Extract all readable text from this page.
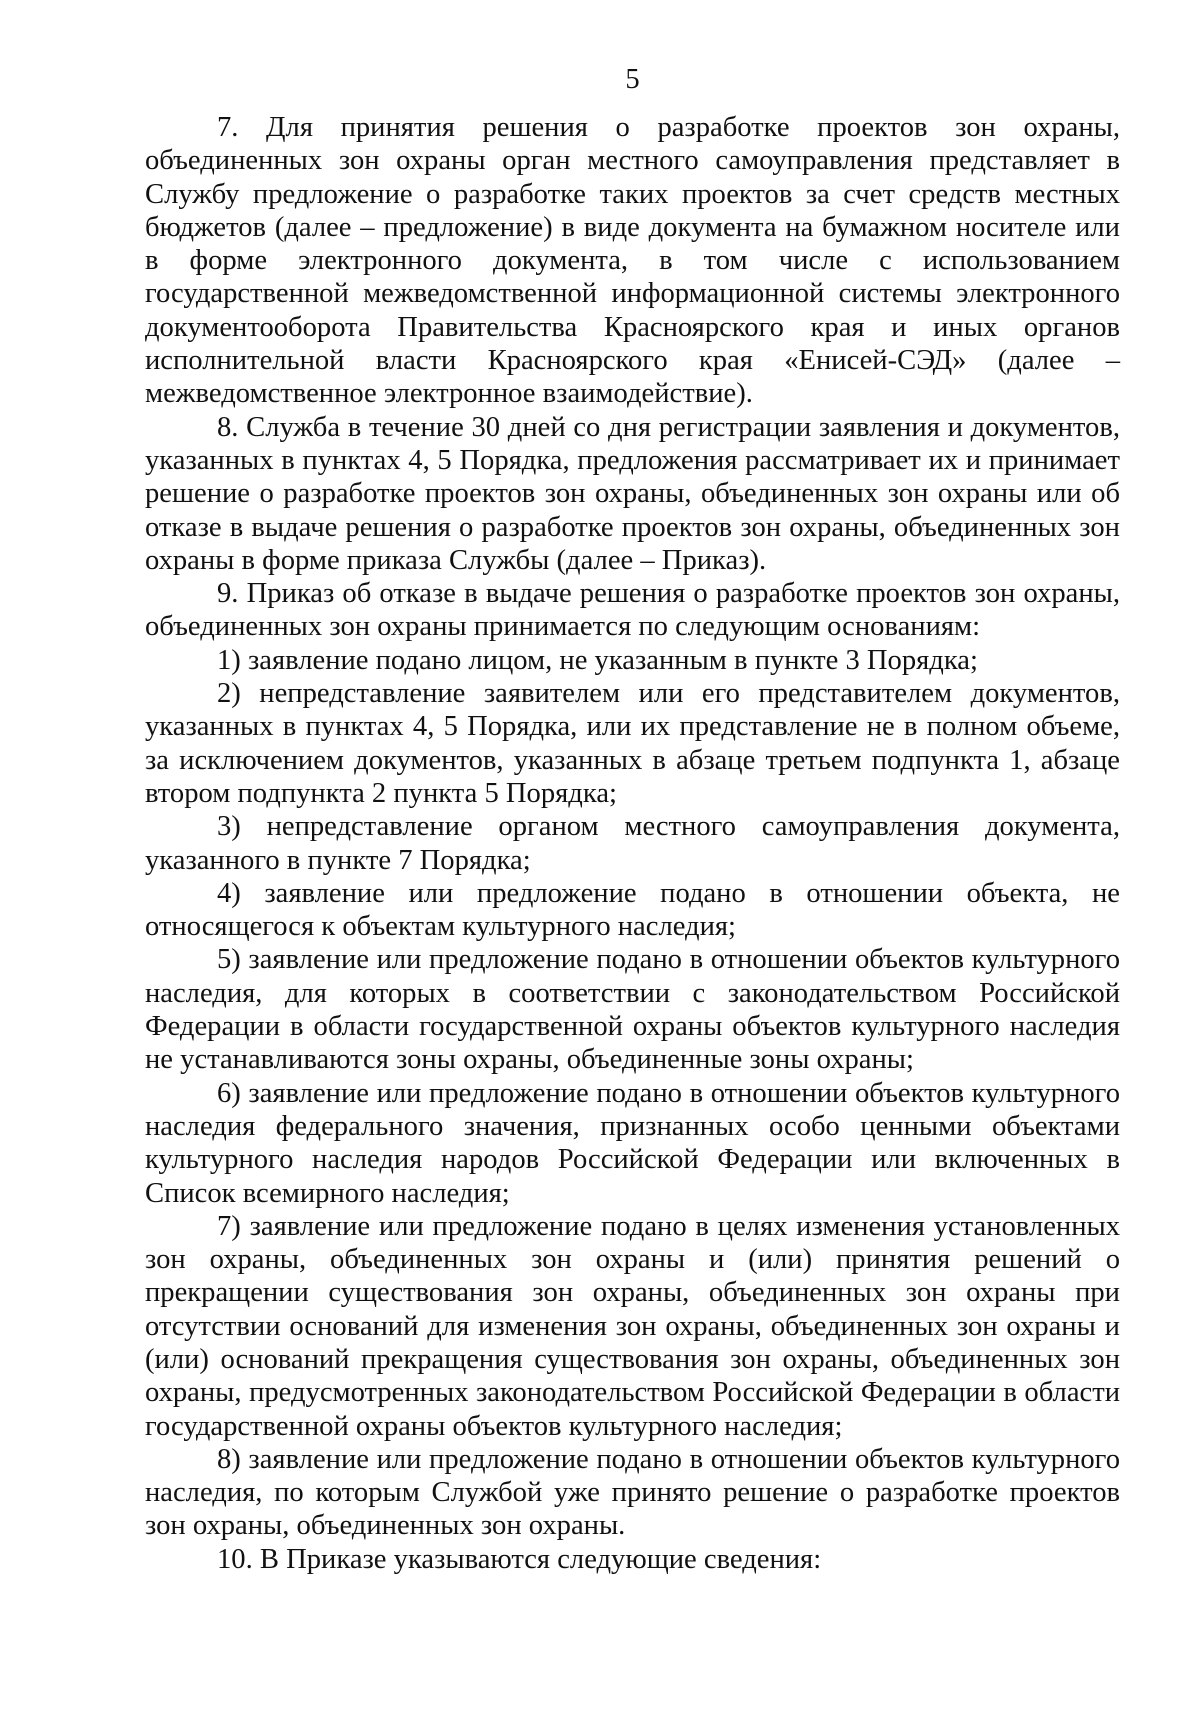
5

7. Для принятия решения о разработке проектов зон охраны, объединенных зон охраны орган местного самоуправления представляет в Службу предложение о разработке таких проектов за счет средств местных бюджетов (далее – предложение) в виде документа на бумажном носителе или в форме электронного документа, в том числе с использованием государственной межведомственной информационной системы электронного документооборота Правительства Красноярского края и иных органов исполнительной власти Красноярского края «Енисей-СЭД» (далее – межведомственное электронное взаимодействие).

8. Служба в течение 30 дней со дня регистрации заявления и документов, указанных в пунктах 4, 5 Порядка, предложения рассматривает их и принимает решение о разработке проектов зон охраны, объединенных зон охраны или об отказе в выдаче решения о разработке проектов зон охраны, объединенных зон охраны в форме приказа Службы (далее – Приказ).

9. Приказ об отказе в выдаче решения о разработке проектов зон охраны, объединенных зон охраны принимается по следующим основаниям:

1) заявление подано лицом, не указанным в пункте 3 Порядка;

2) непредставление заявителем или его представителем документов, указанных в пунктах 4, 5 Порядка, или их представление не в полном объеме, за исключением документов, указанных в абзаце третьем подпункта 1, абзаце втором подпункта 2 пункта 5 Порядка;

3) непредставление органом местного самоуправления документа, указанного в пункте 7 Порядка;

4) заявление или предложение подано в отношении объекта, не относящегося к объектам культурного наследия;

5) заявление или предложение подано в отношении объектов культурного наследия, для которых в соответствии с законодательством Российской Федерации в области государственной охраны объектов культурного наследия не устанавливаются зоны охраны, объединенные зоны охраны;

6) заявление или предложение подано в отношении объектов культурного наследия федерального значения, признанных особо ценными объектами культурного наследия народов Российской Федерации или включенных в Список всемирного наследия;

7) заявление или предложение подано в целях изменения установленных зон охраны, объединенных зон охраны и (или) принятия решений о прекращении существования зон охраны, объединенных зон охраны при отсутствии оснований для изменения зон охраны, объединенных зон охраны и (или) оснований прекращения существования зон охраны, объединенных зон охраны, предусмотренных законодательством Российской Федерации в области государственной охраны объектов культурного наследия;

8) заявление или предложение подано в отношении объектов культурного наследия, по которым Службой уже принято решение о разработке проектов зон охраны, объединенных зон охраны.

10. В Приказе указываются следующие сведения:
